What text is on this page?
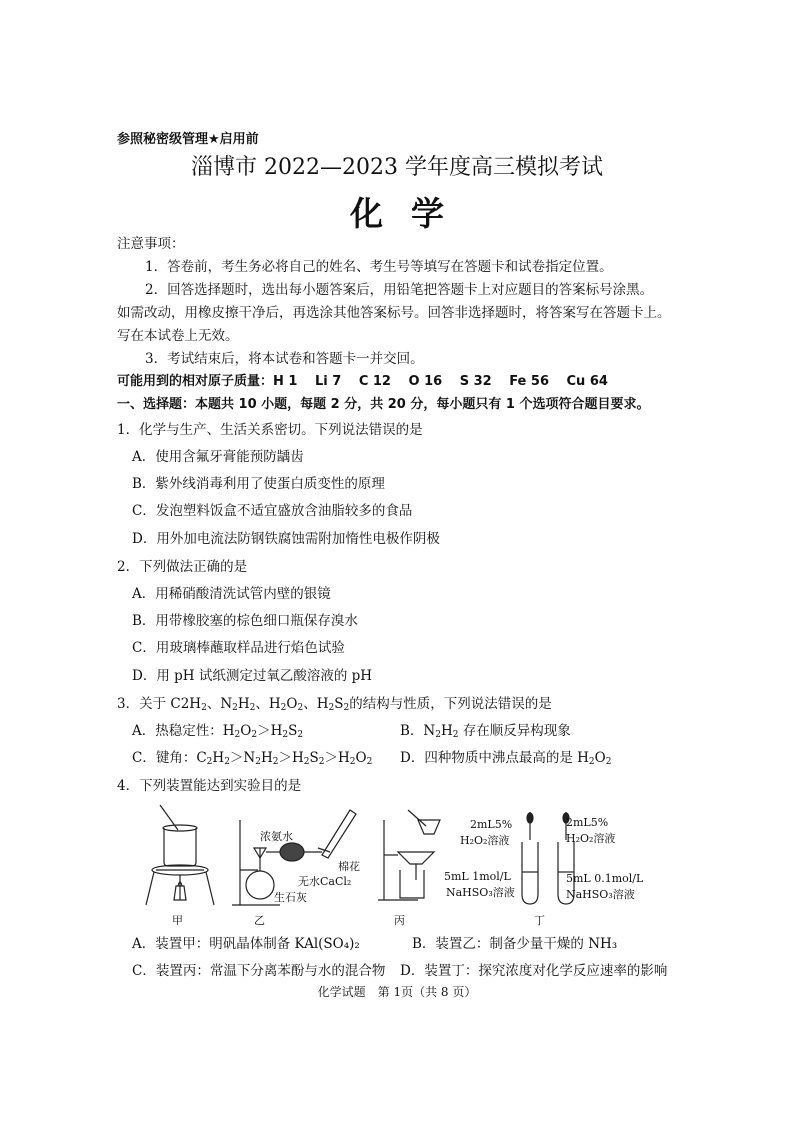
参照秘密级管理★启用前
淄博市 2022—2023 学年度高三模拟考试
化学
注意事项：
1．答卷前，考生务必将自己的姓名、考生号等填写在答题卡和试卷指定位置。
2．回答选择题时，选出每小题答案后，用铅笔把答题卡上对应题目的答案标号涂黑。
如需改动，用橡皮擦干净后，再选涂其他答案标号。回答非选择题时，将答案写在答题卡上。
写在本试卷上无效。
3．考试结束后，将本试卷和答题卡一并交回。
可能用到的相对原子质量：H 1　 Li 7　 C 12　 O 16　 S 32　 Fe 56　 Cu 64
一、选择题：本题共 10 小题，每题 2 分，共 20 分，每小题只有 1 个选项符合题目要求。
1．化学与生产、生活关系密切。下列说法错误的是
A．使用含氟牙膏能预防龋齿
B．紫外线消毒利用了使蛋白质变性的原理
C．发泡塑料饭盒不适宜盛放含油脂较多的食品
D．用外加电流法防钢铁腐蚀需附加惰性电极作阴极
2．下列做法正确的是
A．用稀硝酸清洗试管内壁的银镜
B．用带橡胶塞的棕色细口瓶保存溴水
C．用玻璃棒蘸取样品进行焰色试验
D．用 pH 试纸测定过氧乙酸溶液的 pH
3．关于 $C2H_2$、$N_2H_2$、$H_2O_2$、$H_2S_2$的结构与性质，下列说法错误的是
A．热稳定性：$H_2O_2>H_2S_2$	B．$N_2H_2$ 存在顺反异构现象
C．键角：$C_2H_2>N_2H_2>H_2S_2>H_2O_2$ D．四种物质中沸点最高的是 $H_2O_2$
4．下列装置能达到实验目的是
甲
浓氨水
棉花
无水CaCl₂
生石灰
乙	丙
2mL5%
H₂O₂溶液
2mL5%
H₂O₂溶液
5mL 1mol/L
NaHSO₃溶液
5mL 0.1mol/L
NaHSO₃溶液
丁
A．装置甲：明矾晶体制备 KAl(SO₄)₂	B．装置乙：制备少量干燥的 NH₃
C．装置丙：常温下分离苯酚与水的混合物 D．装置丁：探究浓度对化学反应速率的影响
化学试题　第 1页（共 8 页）
